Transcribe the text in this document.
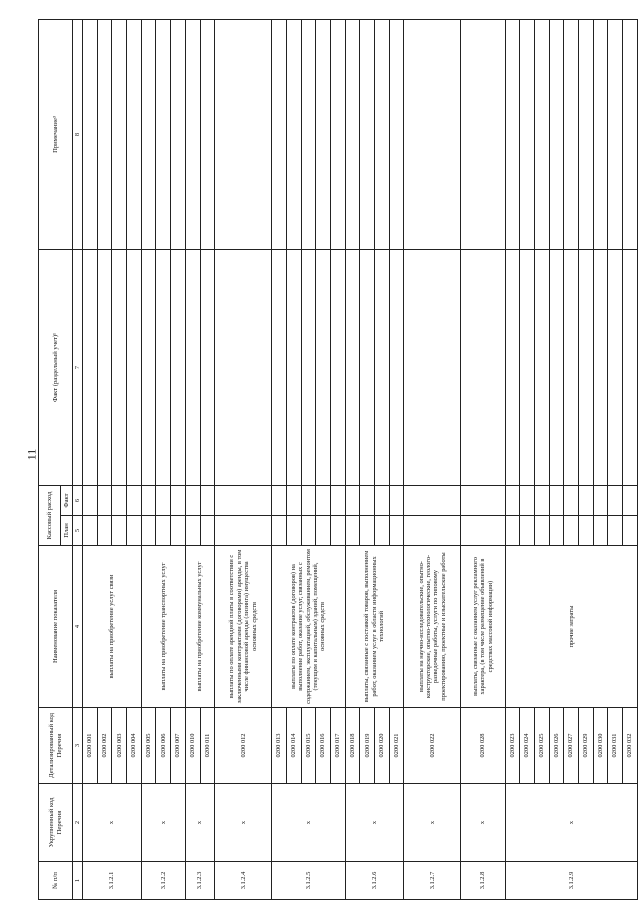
11
№ п/п	Укрупненный код Перечня	Детализированный код Перечня	Наименование показателя	Кассовый расход		Факт (раздельный учет)¹	Примечание³
				План	Факт		
1	2	3	4	5	6	7	8
3.1.2.1	x	0200 001	выплаты на приобретение услуг связи				
		0200 002					
		0200 003					
		0200 004					
3.1.2.2	x	0200 005	выплаты на приобретение транспортных услуг				
		0200 006					
		0200 007					
3.1.2.3	x	0200 010	выплаты на приобретение коммунальных услуг				
		0200 011					
3.1.2.4	x	0200 012	выплаты по оплате арендной платы в соответствии с заключенными контрактами (договорами) аренды, в том числе финансовой аренды (лизинга) имущества основных средств				
3.1.2.5	x	0200 013	выплаты по оплате контрактов (договоров) на выполнение работ, оказание услуг, связанных с содержанием, эксплуатацией, обслуживанием, ремонтом (текущим и капитальным) зданий, помещений, основных средств				
		0200 014					
		0200 015					
		0200 016					
		0200 017					
3.1.2.6	x	0200 018	выплаты, связанные с поставкой товаров, выполнением работ, оказанием услуг в области информационных технологий				
		0200 019					
		0200 020					
		0200 021					
3.1.2.7	x	0200 022	выплаты на научно-исследовательские, опытно-конструкторские, опытно-технологические, геолого-разведочные работы, услуги по типовому проектированию, проектные и изыскательские работы				
3.1.2.8	x	0200 028	выплаты, связанные с оказанием услуг рекламного характера, (в том числе размещение объявлений в средствах массовой информации)				
3.1.2.9	x	0200 023	прочие затраты				
		0200 024					
		0200 025					
		0200 026					
		0200 027					
		0200 029					
		0200 030					
		0200 031					
		0200 032					
